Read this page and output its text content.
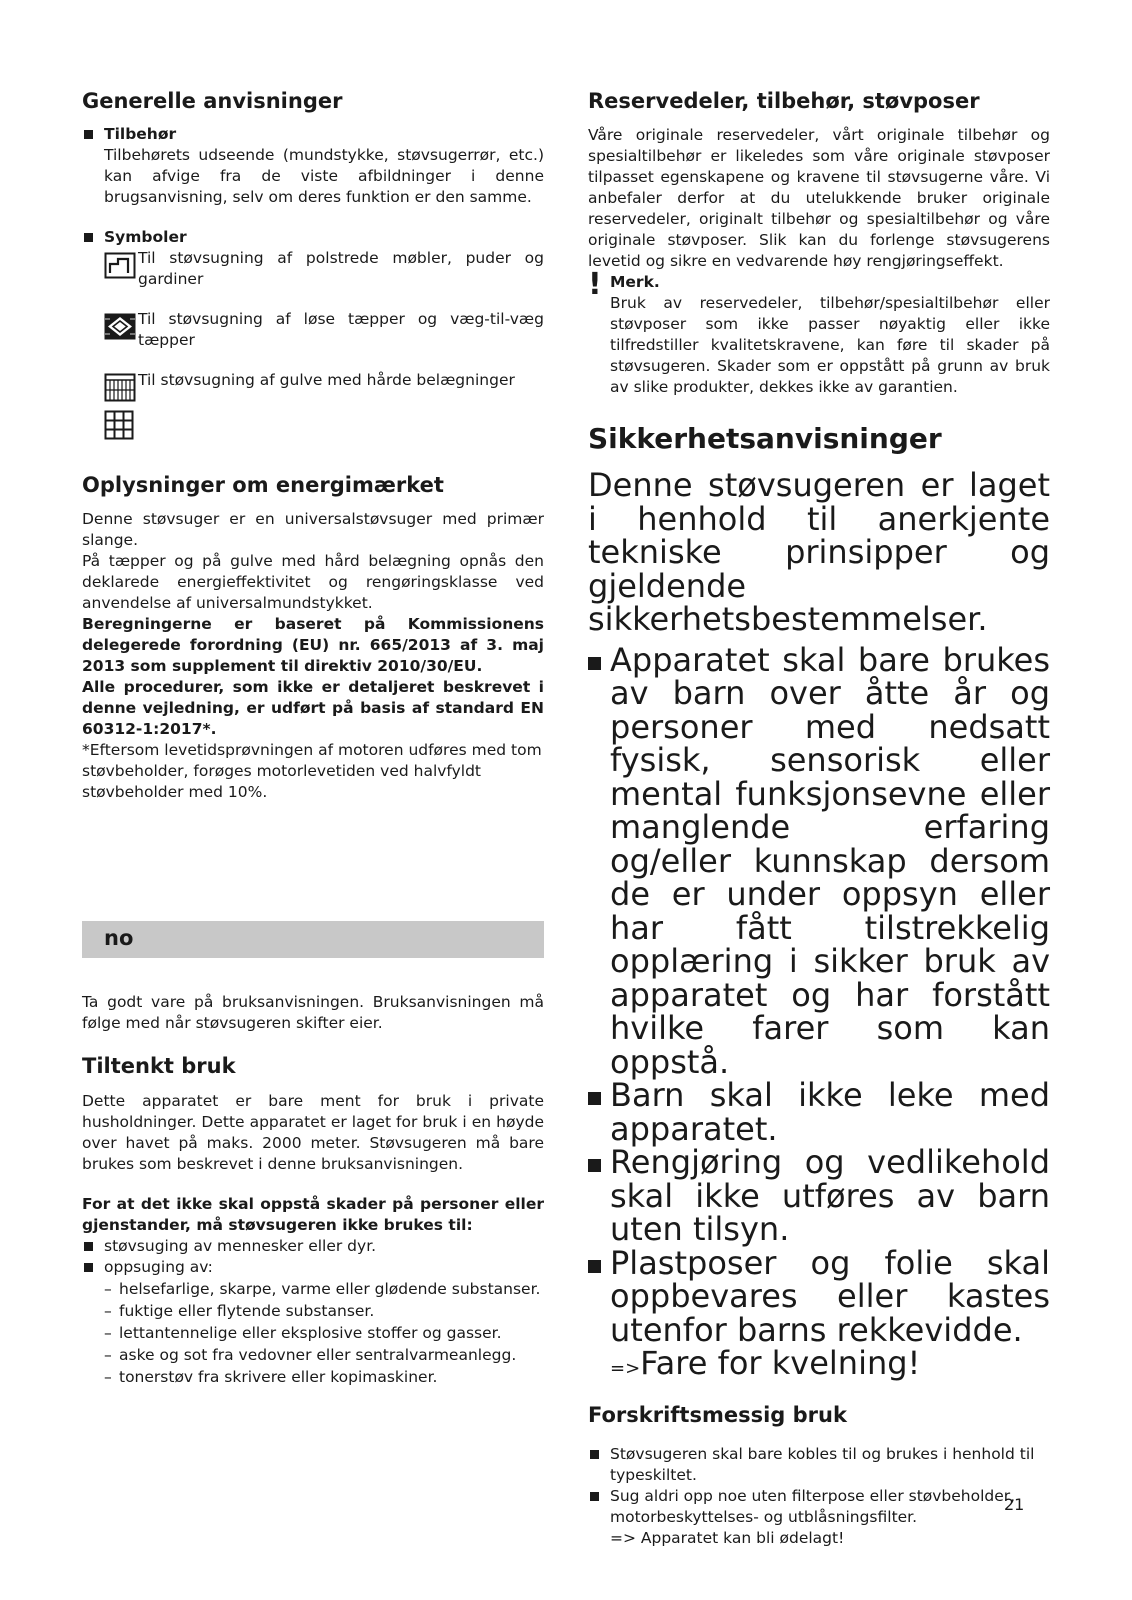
Generelle anvisninger
Tilbehør
Tilbehørets udseende (mundstykke, støvsugerrør, etc.) kan afvige fra de viste afbildninger i denne brugsanvisning, selv om deres funktion er den samme.
Symboler
Til støvsugning af polstrede møbler, puder og gardiner
Til støvsugning af løse tæpper og væg-til-væg tæpper
Til støvsugning af gulve med hårde belægninger
Oplysninger om energimærket

Denne støvsuger er en universalstøvsuger med primær slange.

På tæpper og på gulve med hård belægning opnås den deklarede energieffektivitet og rengøringsklasse ved anvendelse af universalmundstykket.

Beregningerne er baseret på Kommissionens delegerede forordning (EU) nr. 665/2013 af 3. maj 2013 som supplement til direktiv 2010/30/EU.

Alle procedurer, som ikke er detaljeret beskrevet i denne vejledning, er udført på basis af standard EN 60312-1:2017*.

*Eftersom levetidsprøvningen af motoren udføres med tom støvbeholder, forøges motorlevetiden ved halvfyldt støvbeholder med 10%.

no

Ta godt vare på bruksanvisningen. Bruksanvisningen må følge med når støvsugeren skifter eier.

Tiltenkt bruk

Dette apparatet er bare ment for bruk i private husholdninger. Dette apparatet er laget for bruk i en høyde over havet på maks. 2000 meter. Støvsugeren må bare brukes som beskrevet i denne bruksanvisningen.

For at det ikke skal oppstå skader på personer eller gjenstander, må støvsugeren ikke brukes til:

støvsuging av mennesker eller dyr.
oppsuging av:
– helsefarlige, skarpe, varme eller glødende substanser.
– fuktige eller flytende substanser.
– lettantennelige eller eksplosive stoffer og gasser.
– aske og sot fra vedovner eller sentralvarmeanlegg.
– tonerstøv fra skrivere eller kopimaskiner.
Reservedeler, tilbehør, støvposer

Våre originale reservedeler, vårt originale tilbehør og spesialtilbehør er likeledes som våre originale støvposer tilpasset egenskapene og kravene til støvsugerne våre. Vi anbefaler derfor at du utelukkende bruker originale reservedeler, originalt tilbehør og spesialtilbehør og våre originale støvposer. Slik kan du forlenge støvsugerens levetid og sikre en vedvarende høy rengjøringseffekt.

! Merk.
Bruk av reservedeler, tilbehør/spesialtilbehør eller støvposer som ikke passer nøyaktig eller ikke tilfredstiller kvalitetskravene, kan føre til skader på støvsugeren. Skader som er oppstått på grunn av bruk av slike produkter, dekkes ikke av garantien.
Sikkerhetsanvisninger

Denne støvsugeren er laget i henhold til anerkjente tekniske prinsipper og gjeldende sikkerhetsbestemmelser.

Apparatet skal bare brukes av barn over åtte år og personer med nedsatt fysisk, sensorisk eller mental funksjonsevne eller manglende erfaring og/eller kunnskap dersom de er under oppsyn eller har fått tilstrekkelig opplæring i sikker bruk av apparatet og har forstått hvilke farer som kan oppstå.
Barn skal ikke leke med apparatet.
Rengjøring og vedlikehold skal ikke utføres av barn uten tilsyn.
Plastposer og folie skal oppbevares eller kastes utenfor barns rekkevidde.
=>Fare for kvelning!
Forskriftsmessig bruk
Støvsugeren skal bare kobles til og brukes i henhold til typeskiltet.
Sug aldri opp noe uten filterpose eller støvbeholder, motorbeskyttelses- og utblåsningsfilter.
=> Apparatet kan bli ødelagt!
21
